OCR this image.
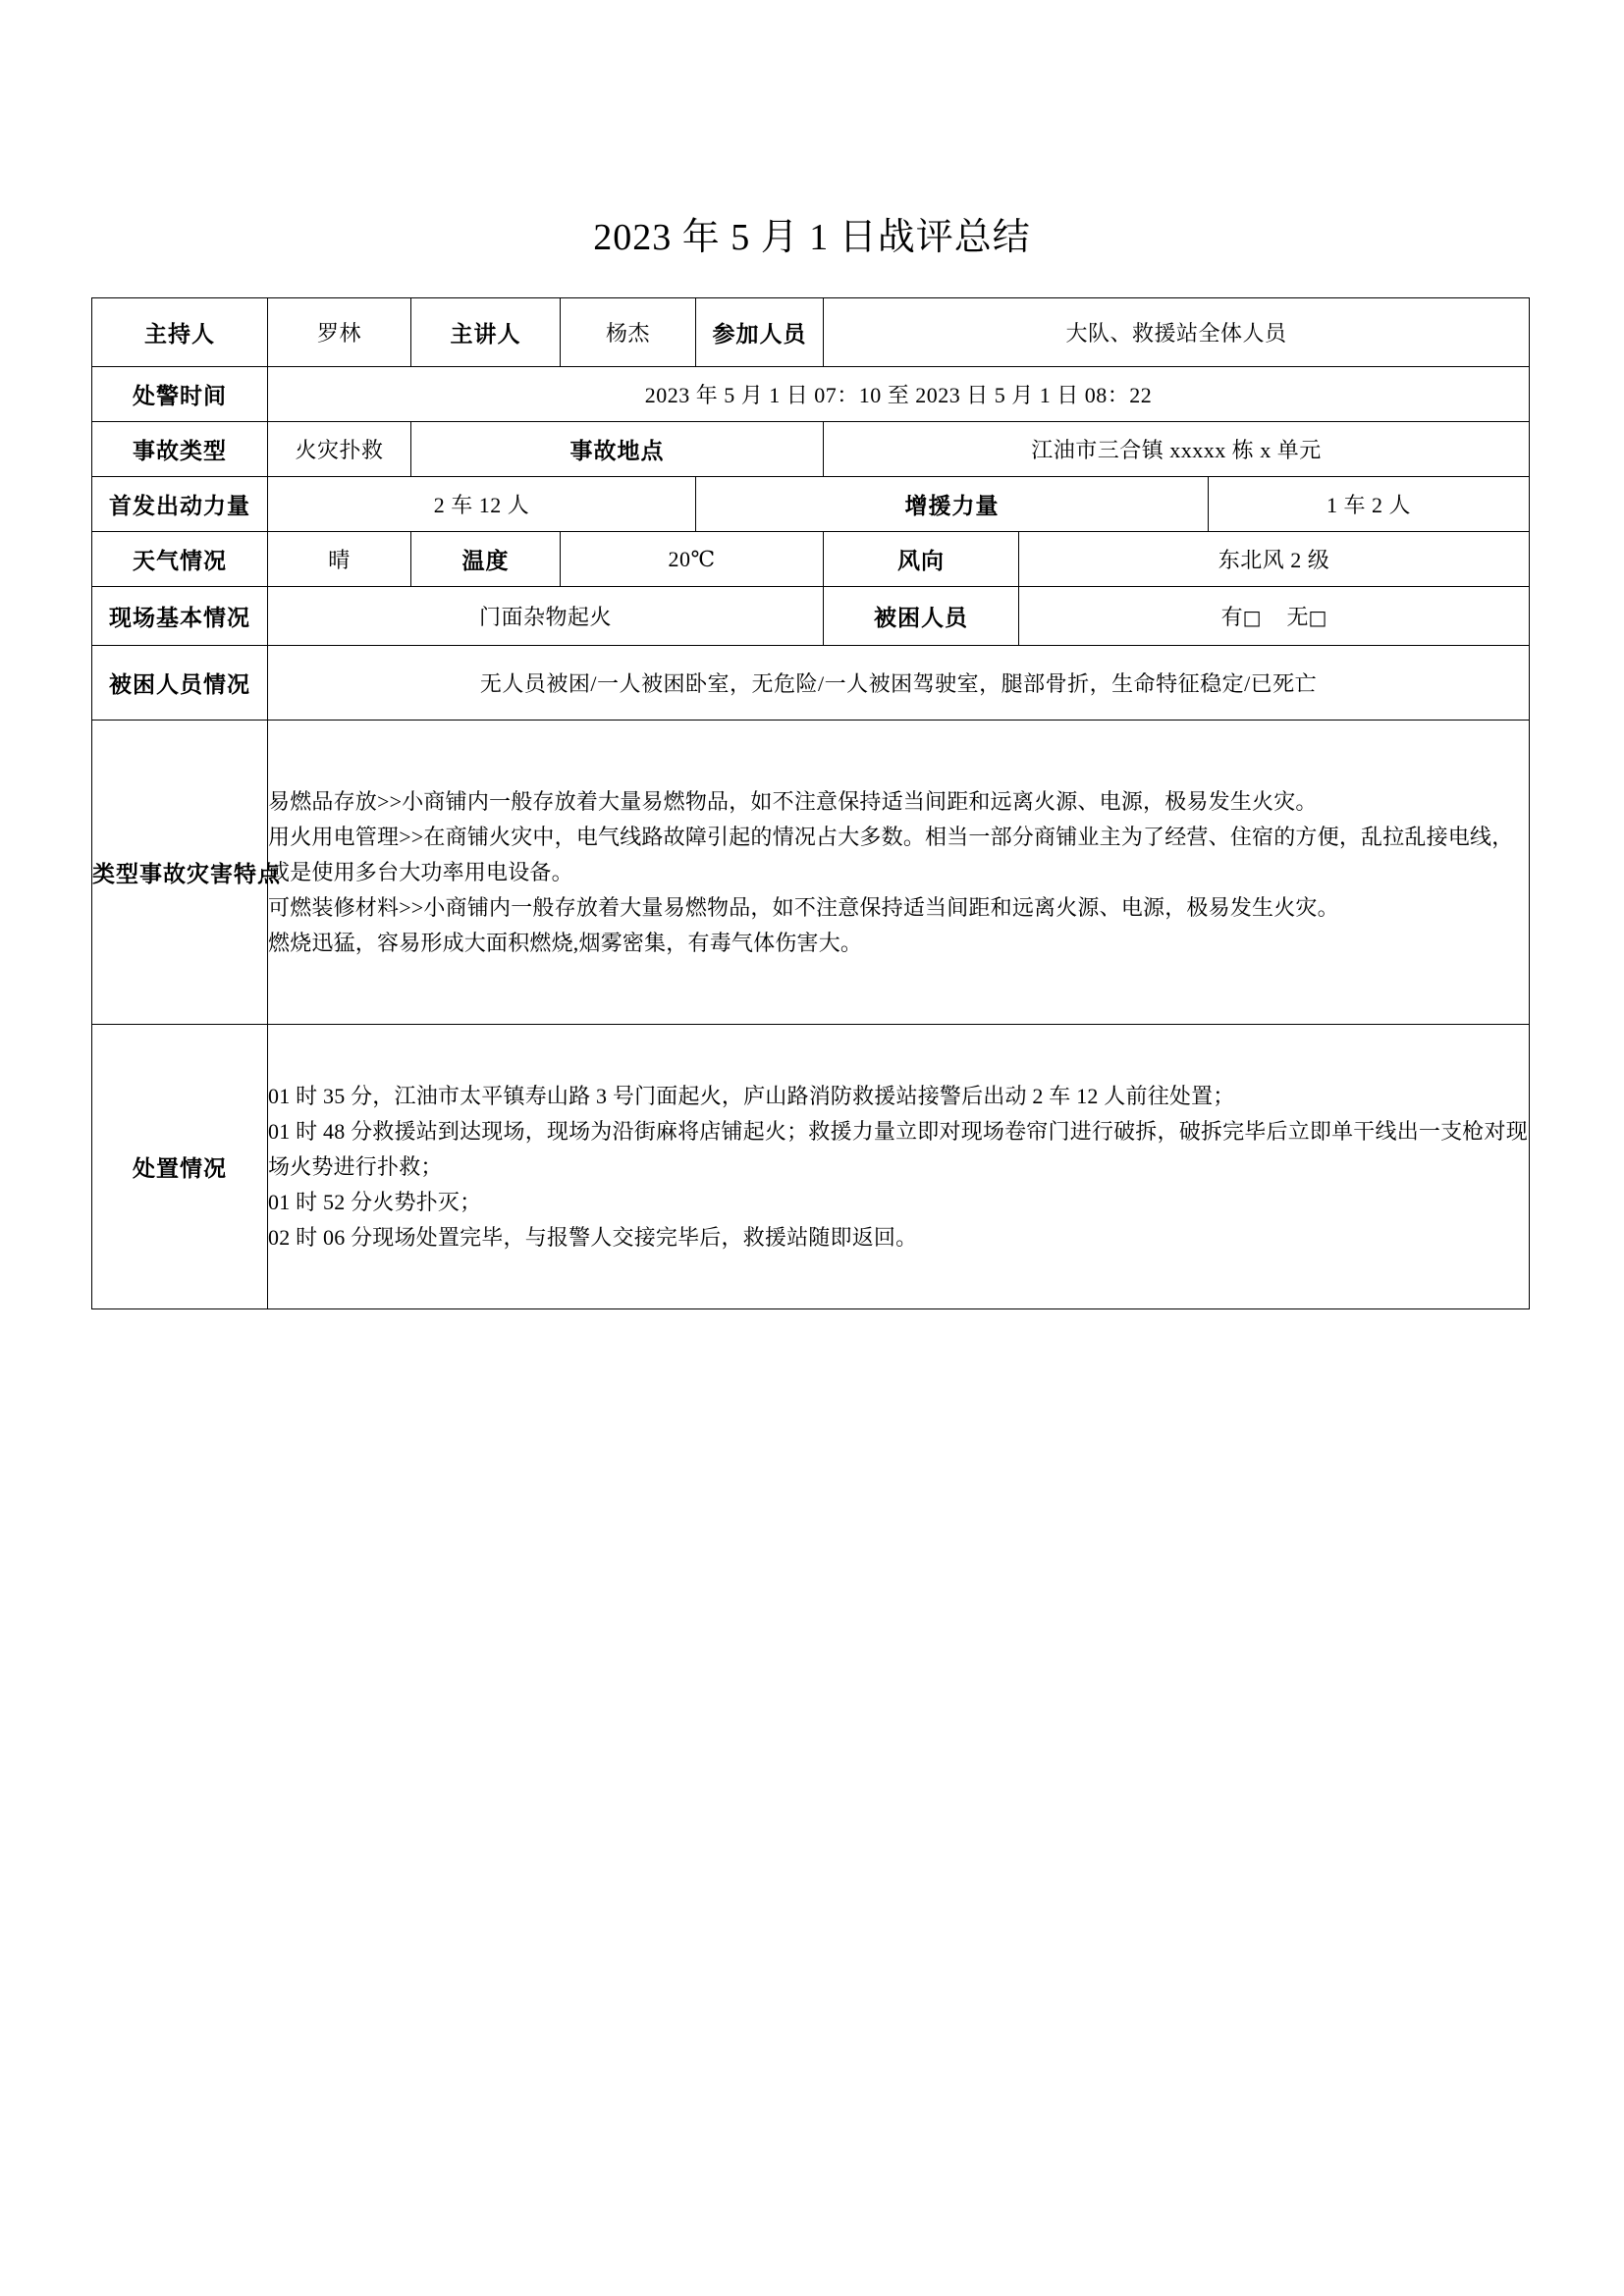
2023 年 5 月 1 日战评总结
主持人	罗林	主讲人	杨杰	参加人员	大队、救援站全体人员		
处警时间	2023 年 5 月 1 日 07：10 至 2023 日 5 月 1 日 08：22						
事故类型	火灾扑救	事故地点			江油市三合镇 xxxxx 栋 x 单元		
首发出动力量	2 车 12 人			增援力量			1 车 2 人
天气情况	晴	温度	20℃		风向	东北风 2 级	
现场基本情况	门面杂物起火				被困人员	有□ 无□	
被困人员情况	无人员被困/一人被困卧室，无危险/一人被困驾驶室，腿部骨折，生命特征稳定/已死亡						
类型事故灾害特点	易燃品存放>>小商铺内一般存放着大量易燃物品，如不注意保持适当间距和远离火源、电源，极易发生火灾。

用火用电管理>>在商铺火灾中，电气线路故障引起的情况占大多数。相当一部分商铺业主为了经营、住宿的方便，乱拉乱接电线，或是使用多台大功率用电设备。

可燃装修材料>>小商铺内一般存放着大量易燃物品，如不注意保持适当间距和远离火源、电源，极易发生火灾。

燃烧迅猛，容易形成大面积燃烧,烟雾密集，有毒气体伤害大。						

处置情况	01 时 35 分，江油市太平镇寿山路 3 号门面起火，庐山路消防救援站接警后出动 2 车 12 人前往处置；

01 时 48 分救援站到达现场，现场为沿街麻将店铺起火；救援力量立即对现场卷帘门进行破拆，破拆完毕后立即单干线出一支枪对现场火势进行扑救；

01 时 52 分火势扑灭；

02 时 06 分现场处置完毕，与报警人交接完毕后，救援站随即返回。						
